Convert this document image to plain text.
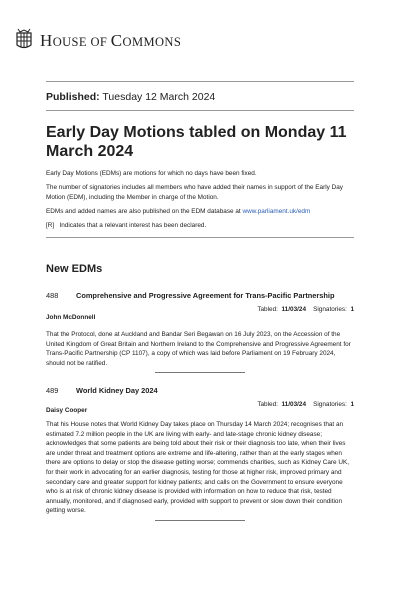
HOUSE OF COMMONS
Published: Tuesday 12 March 2024
Early Day Motions tabled on Monday 11 March 2024

Early Day Motions (EDMs) are motions for which no days have been fixed.

The number of signatories includes all members who have added their names in support of the Early Day Motion (EDM), including the Member in charge of the Motion.

EDMs and added names are also published on the EDM database at www.parliament.uk/edm

[R]   Indicates that a relevant interest has been declared.

New EDMs
488 Comprehensive and Progressive Agreement for Trans-Pacific Partnership
Tabled: 11/03/24 Signatories: 1
John McDonnell
That the Protocol, done at Auckland and Bandar Seri Begawan on 16 July 2023, on the Accession of the United Kingdom of Great Britain and Northern Ireland to the Comprehensive and Progressive Agreement for Trans-Pacific Partnership (CP 1107), a copy of which was laid before Parliament on 19 February 2024, should not be ratified.
489 World Kidney Day 2024
Tabled: 11/03/24 Signatories: 1
Daisy Cooper
That his House notes that World Kidney Day takes place on Thursday 14 March 2024; recognises that an estimated 7.2 million people in the UK are living with early- and late-stage chronic kidney disease; acknowledges that some patients are being told about their risk or their diagnosis too late, when their lives are under threat and treatment options are extreme and life-altering, rather than at the early stages when there are options to delay or stop the disease getting worse; commends charities, such as Kidney Care UK, for their work in advocating for an earlier diagnosis, testing for those at higher risk, improved primary and secondary care and greater support for kidney patients; and calls on the Government to ensure everyone who is at risk of chronic kidney disease is provided with information on how to reduce that risk, tested annually, monitored, and if diagnosed early, provided with support to prevent or slow down their condition getting worse.
